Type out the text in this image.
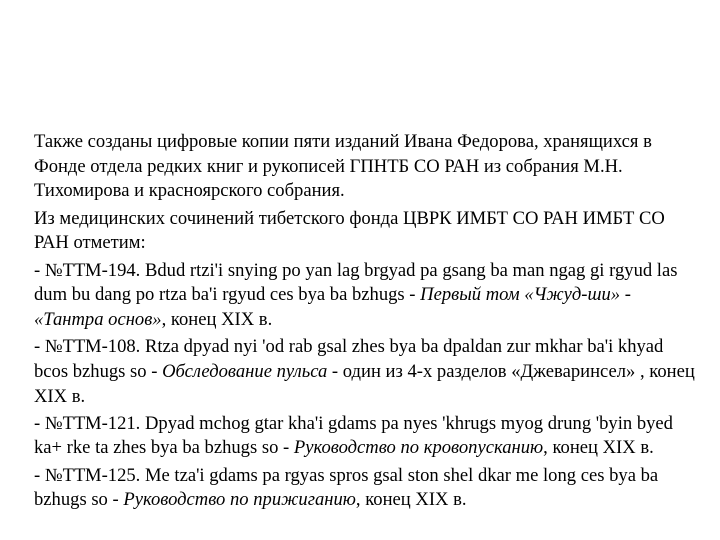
Также созданы цифровые копии пяти изданий Ивана Федорова, хранящихся в Фонде отдела редких книг и рукописей ГПНТБ СО РАН из собрания М.Н. Тихомирова и красноярского собрания.

Из медицинских сочинений тибетского фонда ЦВРК ИМБТ СО РАН ИМБТ СО РАН отметим:

- №ТТМ-194. Bdud rtzi'i snying po yan lag brgyad pa gsang ba man ngag gi rgyud las dum bu dang po rtza ba'i rgyud ces bya ba bzhugs - Первый том «Чжуд-ши» - «Тантра основ», конец XIX в.

- №ТТМ-108. Rtza dpyad nyi 'od rab gsal zhes bya ba dpaldan zur mkhar ba'i khyad bcos bzhugs so - Обследование пульса - один из 4-х разделов «Джеваринсел» , конец XIX в.

- №ТТМ-121. Dpyad mchog gtar kha'i gdams pa nyes 'khrugs myog drung 'byin byed ka+ rke ta zhes bya ba bzhugs so - Руководство по кровопусканию, конец XIX в.

- №ТТМ-125. Me tza'i gdams pa rgyas spros gsal ston shel dkar me long ces bya ba bzhugs so - Руководство по прижиганию, конец XIX в.
